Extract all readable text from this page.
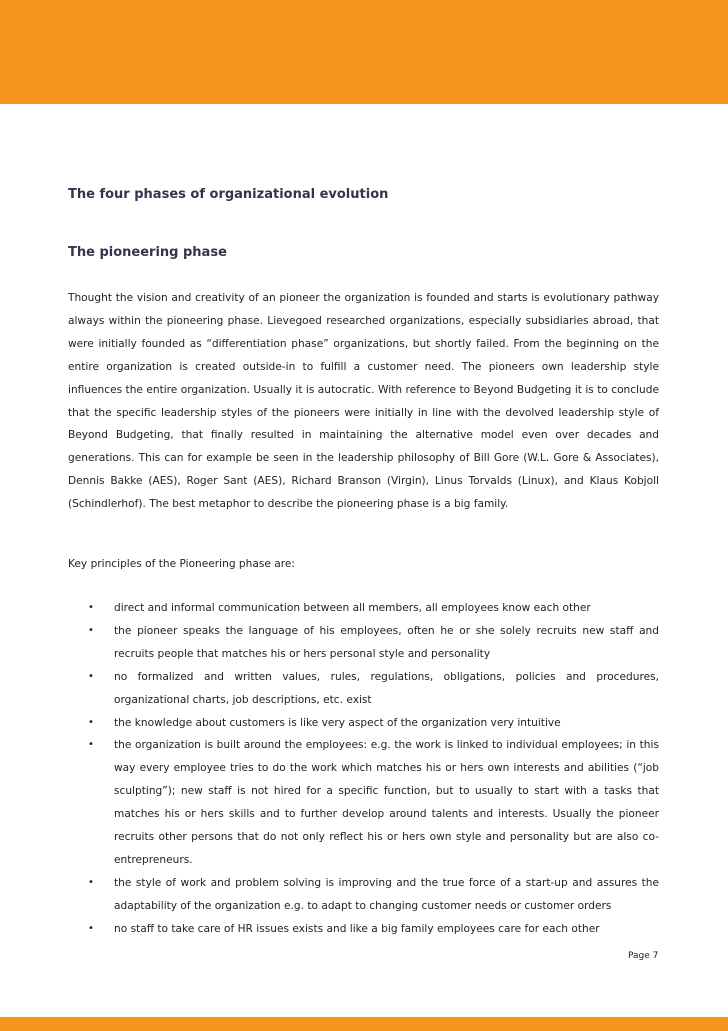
The four phases of organizational evolution
The pioneering phase

Thought the vision and creativity of an pioneer the organization is founded and starts is evolutionary pathway always within the pioneering phase. Lievegoed researched organizations, especially subsidiaries abroad, that were initially founded as “differentiation phase” organizations, but shortly failed. From the beginning on the entire organization is created outside-in to fulfill a customer need. The pioneers own leadership style influences the entire organization. Usually it is autocratic. With reference to Beyond Budgeting it is to conclude that the specific leadership styles of the pioneers were initially in line with the devolved leadership style of Beyond Budgeting, that finally resulted in maintaining the alternative model even over decades and generations. This can for example be seen in the leadership philosophy of Bill Gore (W.L. Gore & Associates), Dennis Bakke (AES), Roger Sant (AES), Richard Branson (Virgin), Linus Torvalds (Linux), and Klaus Kobjoll (Schindlerhof). The best metaphor to describe the pioneering phase is a big family.

Key principles of the Pioneering phase are:

• direct and informal communication between all members, all employees know each other
• the pioneer speaks the language of his employees, often he or she solely recruits new staff and recruits people that matches his or hers personal style and personality
• no formalized and written values, rules, regulations, obligations, policies and procedures, organizational charts, job descriptions, etc. exist
• the knowledge about customers is like very aspect of the organization very intuitive
• the organization is built around the employees: e.g. the work is linked to individual employees; in this way every employee tries to do the work which matches his or hers own interests and abilities (“job sculpting”); new staff is not hired for a specific function, but to usually to start with a tasks that matches his or hers skills and to further develop around talents and interests. Usually the pioneer recruits other persons that do not only reflect his or hers own style and personality but are also co-entrepreneurs.
• the style of work and problem solving is improving and the true force of a start-up and assures the adaptability of the organization e.g. to adapt to changing customer needs or customer orders
• no staff to take care of HR issues exists and like a big family employees care for each other
Page 7
